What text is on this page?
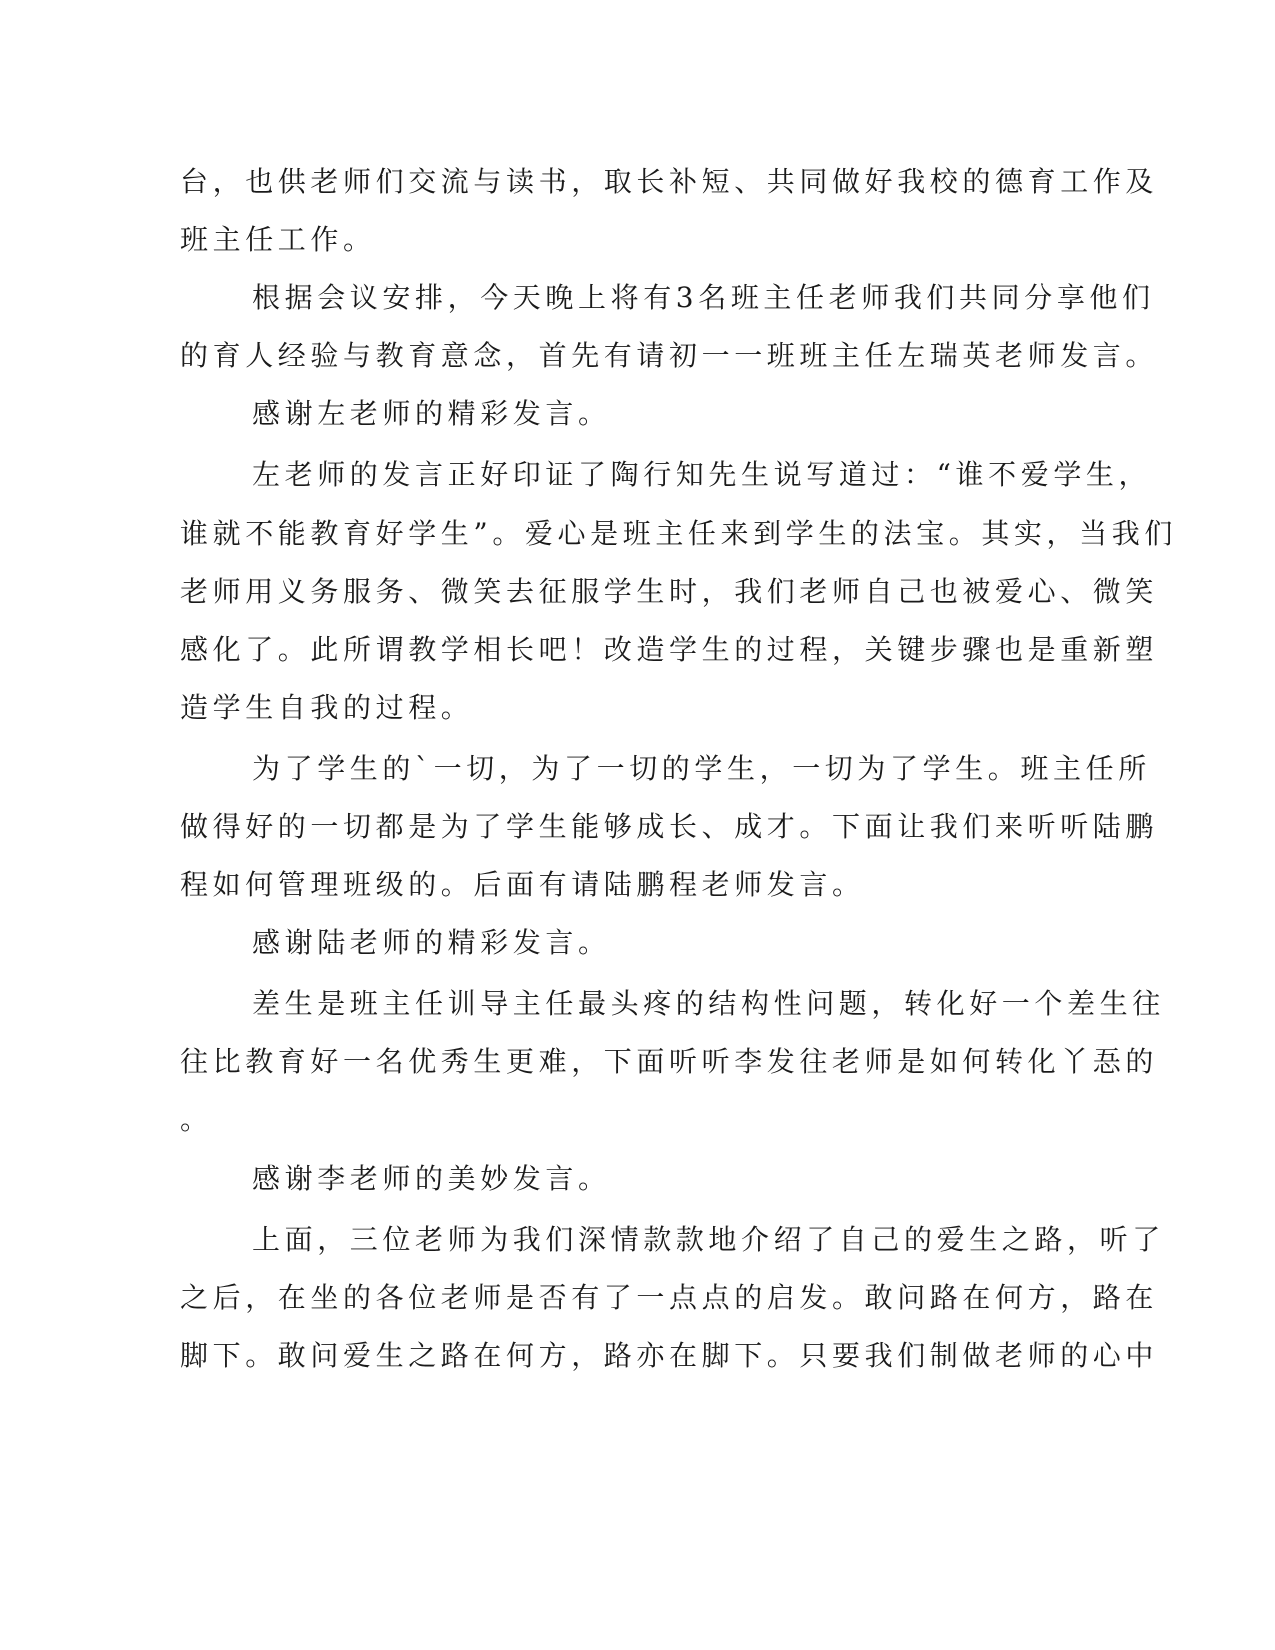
台，也供老师们交流与读书，取长补短、共同做好我校的德育工作及
班主任工作。
根据会议安排，今天晚上将有3名班主任老师我们共同分享他们
的育人经验与教育意念，首先有请初一一班班主任左瑞英老师发言。
感谢左老师的精彩发言。
左老师的发言正好印证了陶行知先生说写道过：“谁不爱学生，
谁就不能教育好学生”。爱心是班主任来到学生的法宝。其实，当我们
老师用义务服务、微笑去征服学生时，我们老师自己也被爱心、微笑
感化了。此所谓教学相长吧！改造学生的过程，关键步骤也是重新塑
造学生自我的过程。
为了学生的`一切，为了一切的学生，一切为了学生。班主任所
做得好的一切都是为了学生能够成长、成才。下面让我们来听听陆鹏
程如何管理班级的。后面有请陆鹏程老师发言。
感谢陆老师的精彩发言。
差生是班主任训导主任最头疼的结构性问题，转化好一个差生往
往比教育好一名优秀生更难，下面听听李发往老师是如何转化丫忢的
。
感谢李老师的美妙发言。
上面，三位老师为我们深情款款地介绍了自己的爱生之路，听了
之后，在坐的各位老师是否有了一点点的启发。敢问路在何方，路在
脚下。敢问爱生之路在何方，路亦在脚下。只要我们制做老师的心中
